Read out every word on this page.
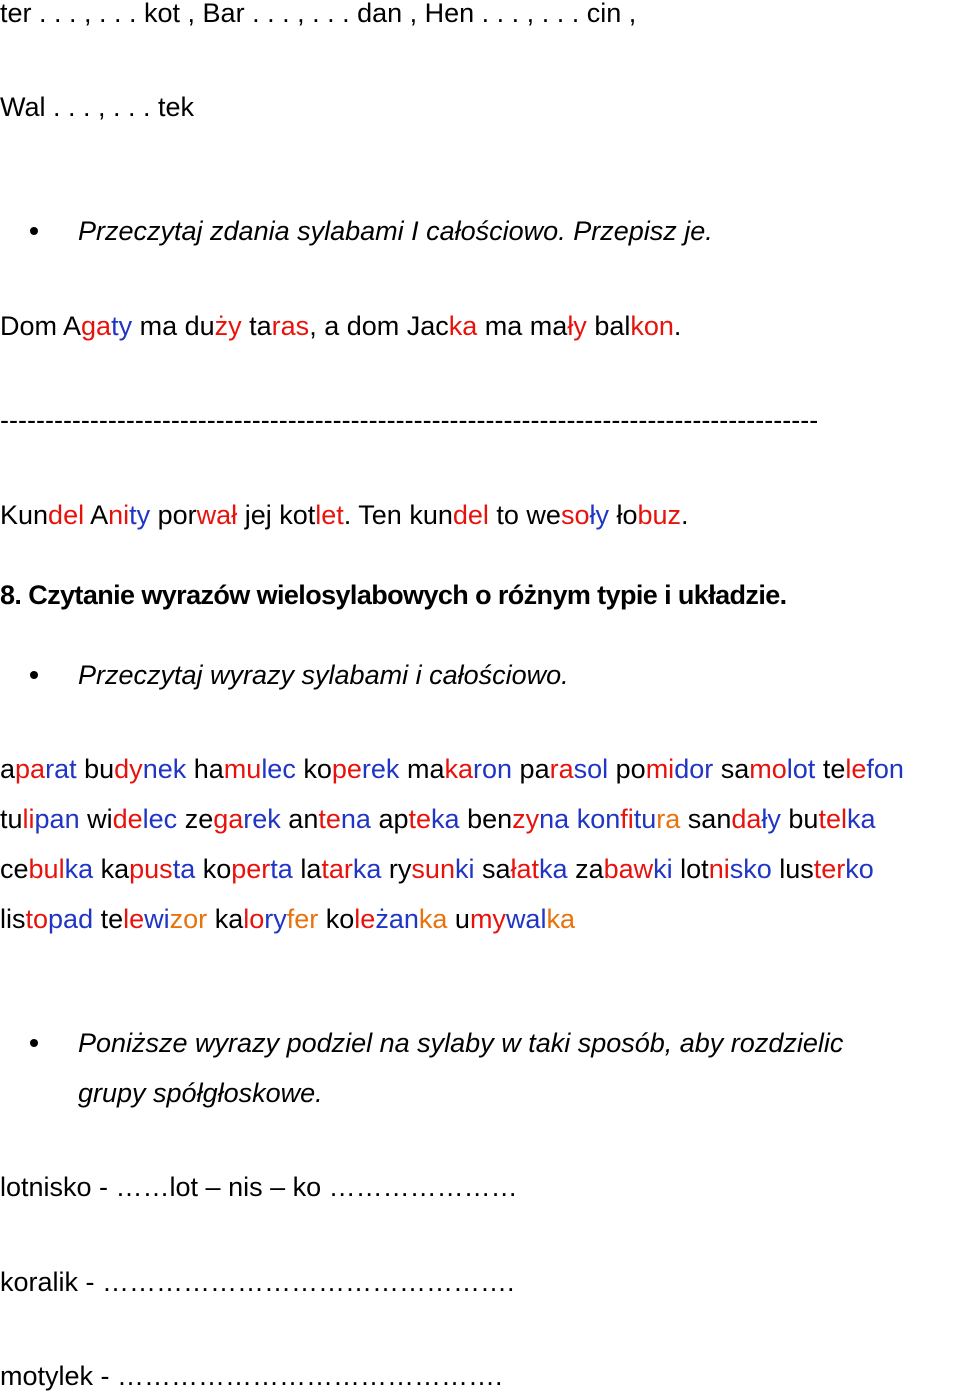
ter . . . , . . . kot , Bar . . . , . . . dan , Hen . . . , . . . cin ,
Wal . . . , . . . tek
Przeczytaj zdania sylabami I całościowo. Przepisz je.
Dom Agaty ma duży taras, a dom Jacka ma mały balkon.
-------------------------------------------------------------------------------------------
Kundel Anity porwał jej kotlet. Ten kundel to wesoły łobuz.
8. Czytanie wyrazów wielosylabowych o różnym typie i układzie.
Przeczytaj wyrazy sylabami i całościowo.
aparat budynek hamulec koperek makaron parasol pomidor samolot telefon
tulipan widelec zegarek antena apteka benzyna konfitura sandały butelka
cebulka kapusta koperta latarka rysunki sałatka zabawki lotnisko lusterko
listopad telewizor kaloryfer koleżanka umywalka
Poniższe wyrazy podziel na sylaby w taki sposób, aby rozdzielic
grupy spółgłoskowe.
lotnisko - ……lot – nis – ko …………………
koralik - ……………………………………….
motylek - …………………………………….
